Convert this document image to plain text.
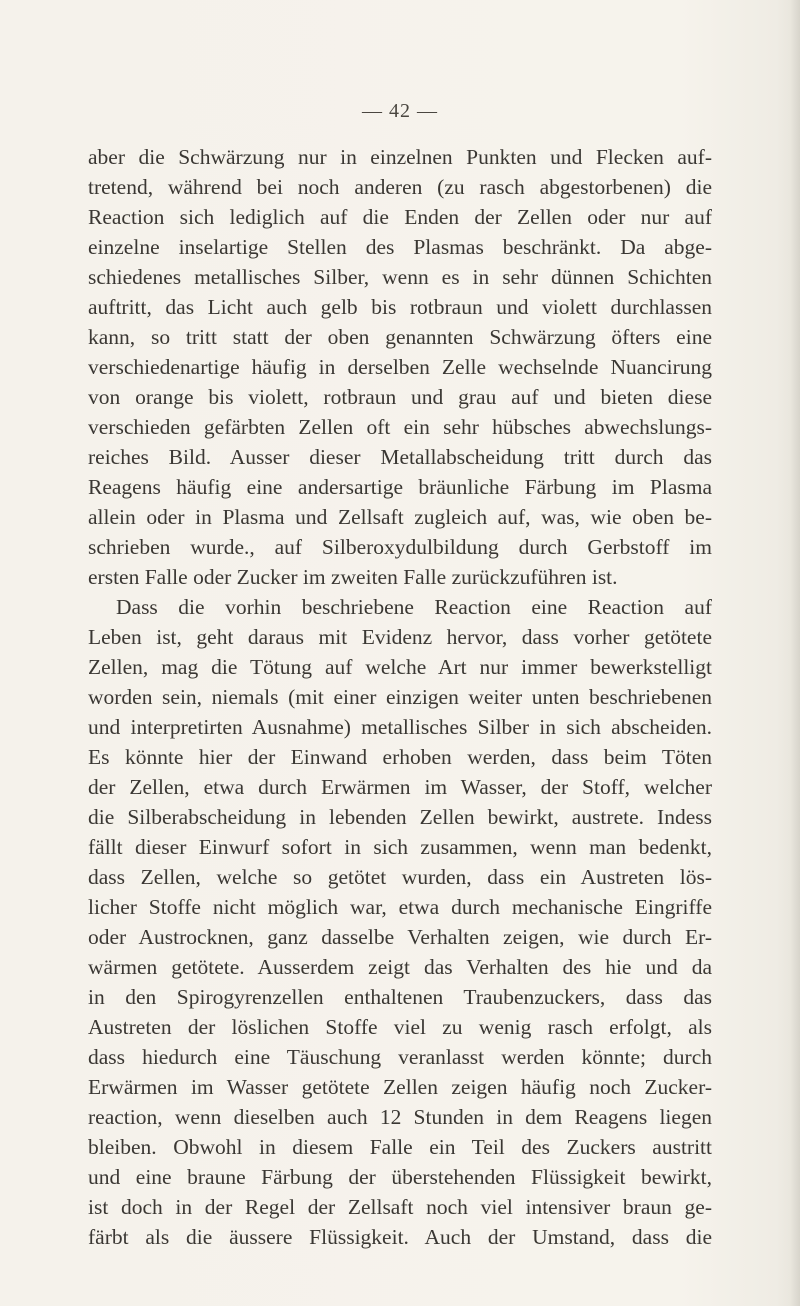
— 42 —
aber die Schwärzung nur in einzelnen Punkten und Flecken auf-
tretend, während bei noch anderen (zu rasch abgestorbenen) die
Reaction sich lediglich auf die Enden der Zellen oder nur auf
einzelne inselartige Stellen des Plasmas beschränkt. Da abge-
schiedenes metallisches Silber, wenn es in sehr dünnen Schichten
auftritt, das Licht auch gelb bis rotbraun und violett durchlassen
kann, so tritt statt der oben genannten Schwärzung öfters eine
verschiedenartige häufig in derselben Zelle wechselnde Nuancirung
von orange bis violett, rotbraun und grau auf und bieten diese
verschieden gefärbten Zellen oft ein sehr hübsches abwechslungs-
reiches Bild. Ausser dieser Metallabscheidung tritt durch das
Reagens häufig eine andersartige bräunliche Färbung im Plasma
allein oder in Plasma und Zellsaft zugleich auf, was, wie oben be-
schrieben wurde., auf Silberoxydulbildung durch Gerbstoff im
ersten Falle oder Zucker im zweiten Falle zurückzuführen ist.
Dass die vorhin beschriebene Reaction eine Reaction auf
Leben ist, geht daraus mit Evidenz hervor, dass vorher getötete
Zellen, mag die Tötung auf welche Art nur immer bewerkstelligt
worden sein, niemals (mit einer einzigen weiter unten beschriebenen
und interpretirten Ausnahme) metallisches Silber in sich abscheiden.
Es könnte hier der Einwand erhoben werden, dass beim Töten
der Zellen, etwa durch Erwärmen im Wasser, der Stoff, welcher
die Silberabscheidung in lebenden Zellen bewirkt, austrete. Indess
fällt dieser Einwurf sofort in sich zusammen, wenn man bedenkt,
dass Zellen, welche so getötet wurden, dass ein Austreten lös-
licher Stoffe nicht möglich war, etwa durch mechanische Eingriffe
oder Austrocknen, ganz dasselbe Verhalten zeigen, wie durch Er-
wärmen getötete. Ausserdem zeigt das Verhalten des hie und da
in den Spirogyrenzellen enthaltenen Traubenzuckers, dass das
Austreten der löslichen Stoffe viel zu wenig rasch erfolgt, als
dass hiedurch eine Täuschung veranlasst werden könnte; durch
Erwärmen im Wasser getötete Zellen zeigen häufig noch Zucker-
reaction, wenn dieselben auch 12 Stunden in dem Reagens liegen
bleiben. Obwohl in diesem Falle ein Teil des Zuckers austritt
und eine braune Färbung der überstehenden Flüssigkeit bewirkt,
ist doch in der Regel der Zellsaft noch viel intensiver braun ge-
färbt als die äussere Flüssigkeit. Auch der Umstand, dass die
